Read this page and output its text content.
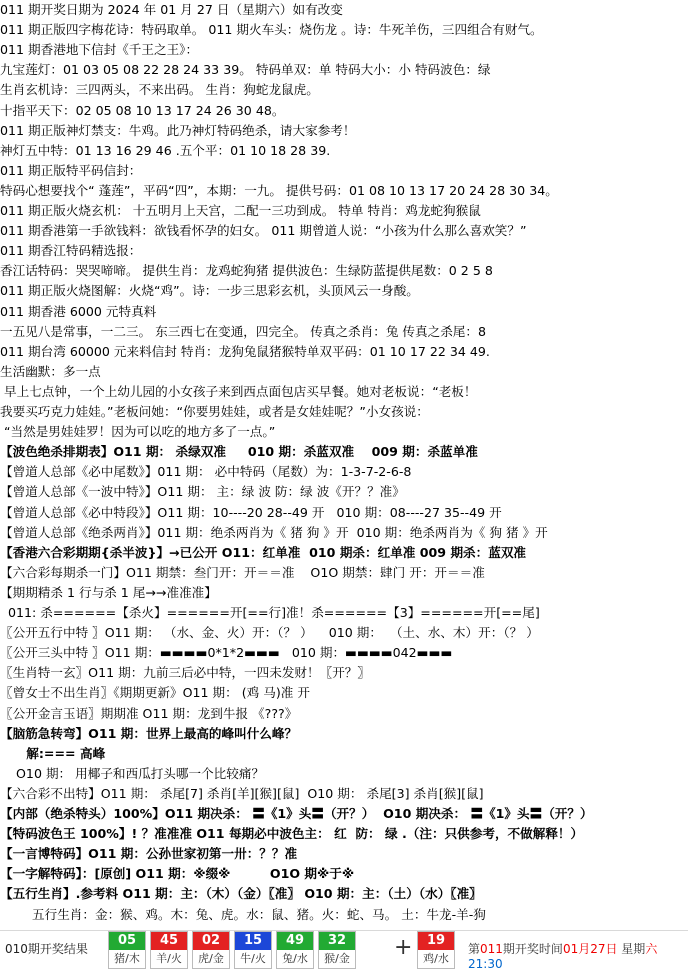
011 期开奖日期为 2024 年 01 月 27 日（星期六）如有改变
011 期正版四字梅花诗：特码取单。 011 期火车头：烧伤龙 。诗：牛死羊伤，三四组合有财气。
011 期香港地下信封《千王之王》：
九宝莲灯：01 03 05 08 22 28 24 33 39。 特码单双：单 特码大小：小 特码波色：绿
生肖玄机诗：三四两头，不来出码。 生肖：狗蛇龙鼠虎。
十指平天下：02 05 08 10 13 17 24 26 30 48。
011 期正版神灯禁支：牛鸡。此乃神灯特码绝杀，请大家参考！
神灯五中特：01 13 16 29 46 .五个平：01 10 18 28 39.
011 期正版特平码信封：
特码心想要找个“ 蓬莲”，平码“四”，本期：一九。 提供号码：01 08 10 13 17 20 24 28 30 34。
011 期正版火烧玄机： 十五明月上天宫，二配一三功到成。 特单 特肖：鸡龙蛇狗猴鼠
011 期香港第一手欲钱料：欲钱看怀孕的妇女。 011 期曾道人说：“小孩为什么那么喜欢笑？”
011 期香江特码精选报：
香江话特码：哭哭啼啼。 提供生肖：龙鸡蛇狗猪 提供波色：生绿防蓝提供尾数：0 2 5 8
011 期正版火烧图解：火烧“鸡”。诗：一步三思彩玄机，头顶风云一身酸。
011 期香港 6000 元特真料
一五见八是常事，一二三。 东三西七在变通，四完全。 传真之杀肖：兔 传真之杀尾：8
011 期台湾 60000 元来料信封 特肖：龙狗兔鼠猪猴特单双平码：01 10 17 22 34 49.
生活幽默：多一点
早上七点钟，一个上幼儿园的小女孩子来到西点面包店买早餐。她对老板说：“老板！
我要买巧克力娃娃。”老板问她：“你要男娃娃，或者是女娃娃呢？”小女孩说：
“当然是男娃娃罗！因为可以吃的地方多了一点。”
【波色绝杀排期表】O11 期： 杀绿双准     010 期：杀蓝双准    009 期：杀蓝单准
【曾道人总部《必中尾数》】011 期： 必中特码（尾数）为：1-3-7-2-6-8
【曾道人总部《一波中特》】O11 期： 主：绿 波 防：绿 波《开？？准》
【曾道人总部《必中特段》】O11 期：10----20 28--49 开   010 期：08----27 35--49 开
【曾道人总部《绝杀两肖》】011 期：绝杀两肖为《 猪 狗 》开  010 期：绝杀两肖为《 狗 猪 》开
【香港六合彩期期{杀半波}】→已公开 O11：红单准  010 期杀：红单准 009 期杀：蓝双准
【六合彩每期杀一门】O11 期禁：叁门开：开＝＝准    O1O 期禁：肆门 开：开＝＝准
【期期精杀 1 行与杀 1 尾→→准准准】
011: 杀======【杀火】======开[==行]准！杀======【3】======开[==尾]
〖公开五行中特 〗O11 期： （水、金、火）开：（？ ）    010 期：  （土、水、木）开：（？ ）
〖公开三头中特 〗O11 期：▬▬▬▬0*1*2▬▬▬   010 期：▬▬▬▬042▬▬▬
〖生肖特一玄〗O11 期：九前三后必中特，一四未发财！〖开？〗
〖曾女士不出生肖〗《期期更新》O11 期： (鸡 马)准 开
〖公开金言玉语〗期期准 O11 期：龙到牛报 《???》
【脑筋急转弯】O11 期：世界上最高的峰叫什么峰？
解:=== 高峰
O10 期： 用椰子和西瓜打头哪一个比较痛？
【六合彩不出特】O11 期： 杀尾[7] 杀肖[羊][猴][鼠]  O10 期： 杀尾[3] 杀肖[猴][鼠]
【内部（绝杀特头）100%】O11 期决杀： 〓《1》头〓（开？）  O10 期决杀： 〓《1》头〓（开？）
【特码波色王 100%】! ？准准准 O11 每期必中波色主： 红  防： 绿 .（注：只供参考，不做解释！）
【一言博特码】O11 期：公孙世家初第一卅：？？准
【一字解特码】：[原创] O11 期：※缀※         O1O 期※于※
【五行生肖】.参考料 O11 期：主：（木）（金）〖准〗 O10 期：主：（土）（水）〖准〗
五行生肖：金：猴、鸡。木：兔、虎。水：鼠、猪。火：蛇、马。 土：牛龙-羊-狗
010期开奖结果
05
猪/木
45
羊/火
02
虎/金
15
牛/火
49
兔/水
32
猴/金 +	19
鸡/水
第011期开奖时间01月27日 星期六21:30
